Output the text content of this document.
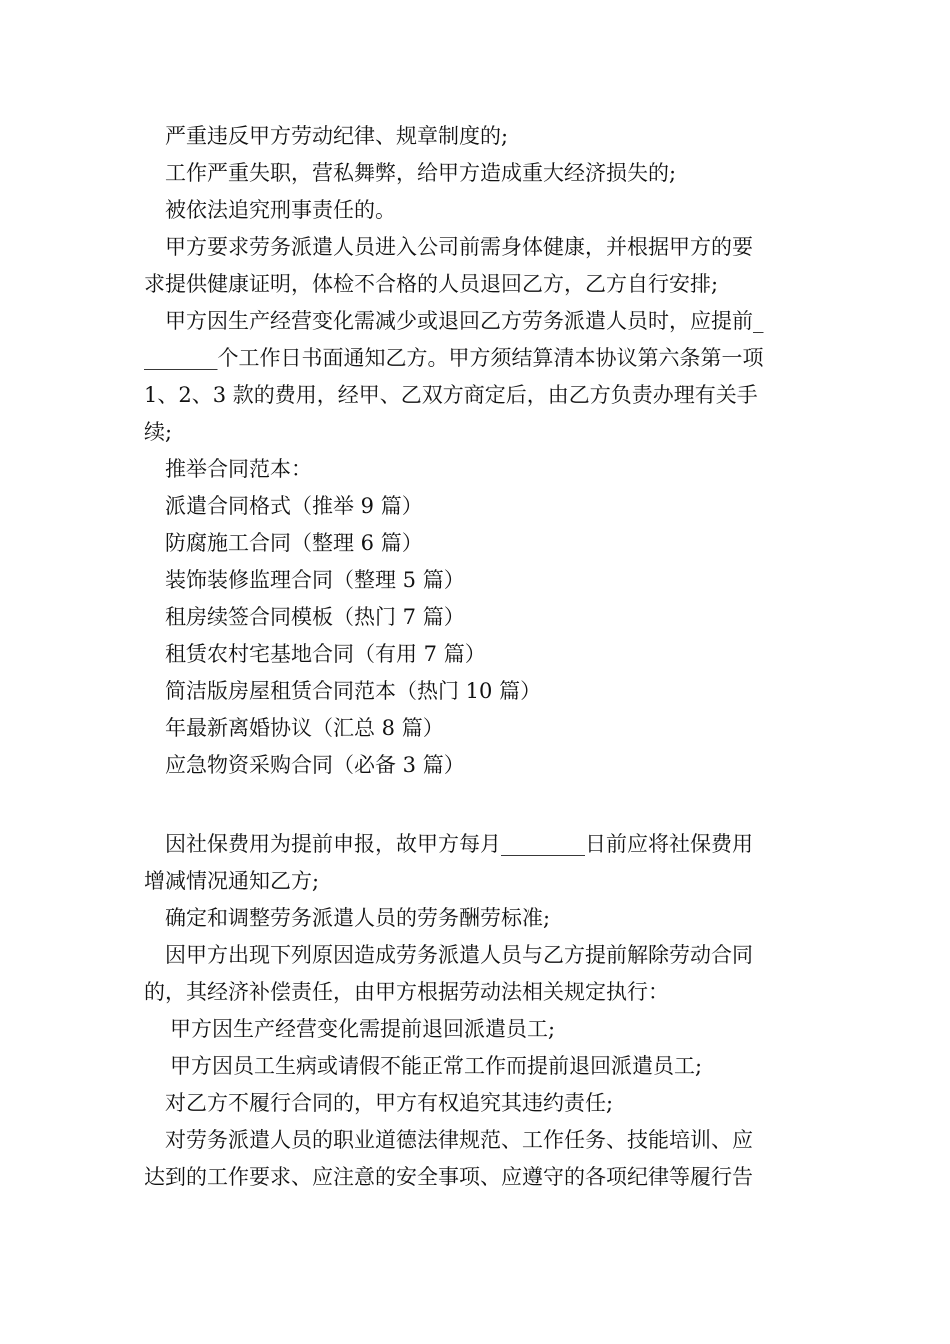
严重违反甲方劳动纪律、规章制度的;
工作严重失职，营私舞弊，给甲方造成重大经济损失的;
被依法追究刑事责任的。
甲方要求劳务派遣人员进入公司前需身体健康，并根据甲方的要
求提供健康证明，体检不合格的人员退回乙方，乙方自行安排;
甲方因生产经营变化需减少或退回乙方劳务派遣人员时，应提前_
_______个工作日书面通知乙方。甲方须结算清本协议第六条第一项
1、2、3 款的费用，经甲、乙双方商定后，由乙方负责办理有关手
续;
推举合同范本：
派遣合同格式（推举 9 篇）
防腐施工合同（整理 6 篇）
装饰装修监理合同（整理 5 篇）
租房续签合同模板（热门 7 篇）
租赁农村宅基地合同（有用 7 篇）
简洁版房屋租赁合同范本（热门 10 篇）
年最新离婚协议（汇总 8 篇）
应急物资采购合同（必备 3 篇）
因社保费用为提前申报，故甲方每月________日前应将社保费用
增减情况通知乙方;
确定和调整劳务派遣人员的劳务酬劳标准;
因甲方出现下列原因造成劳务派遣人员与乙方提前解除劳动合同
的，其经济补偿责任，由甲方根据劳动法相关规定执行：
甲方因生产经营变化需提前退回派遣员工;
甲方因员工生病或请假不能正常工作而提前退回派遣员工;
对乙方不履行合同的，甲方有权追究其违约责任;
对劳务派遣人员的职业道德法律规范、工作任务、技能培训、应
达到的工作要求、应注意的安全事项、应遵守的各项纪律等履行告
